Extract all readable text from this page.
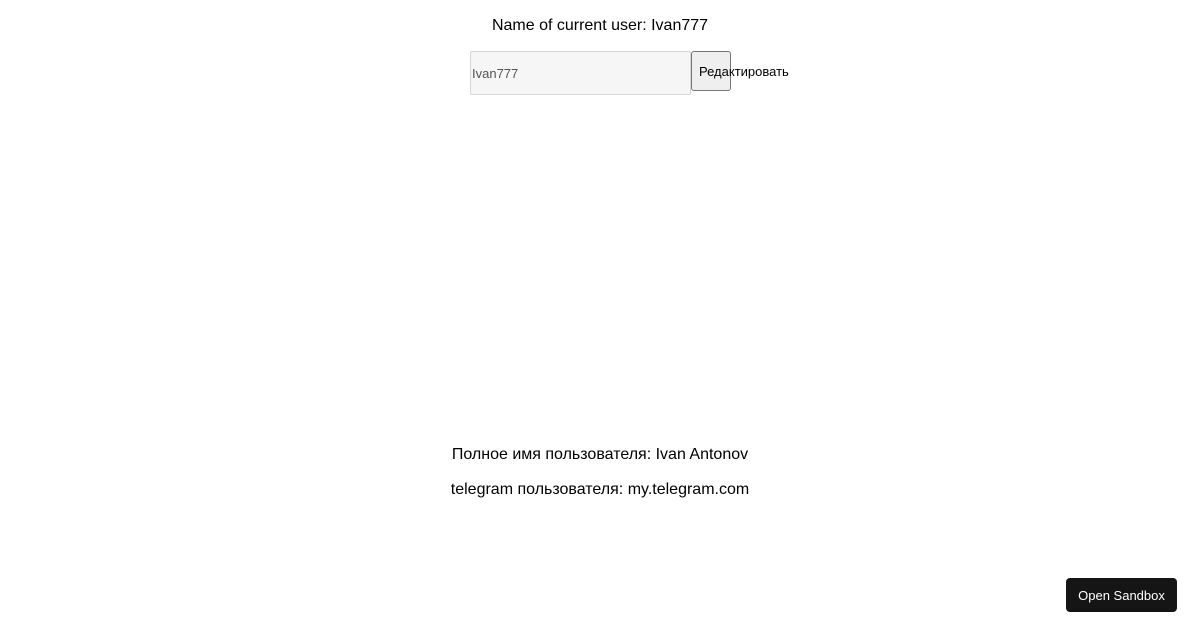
Name of current user: Ivan777
Ivan777
Редактировать
Полное имя пользователя: Ivan Antonov
telegram пользователя: my.telegram.com
Open Sandbox
